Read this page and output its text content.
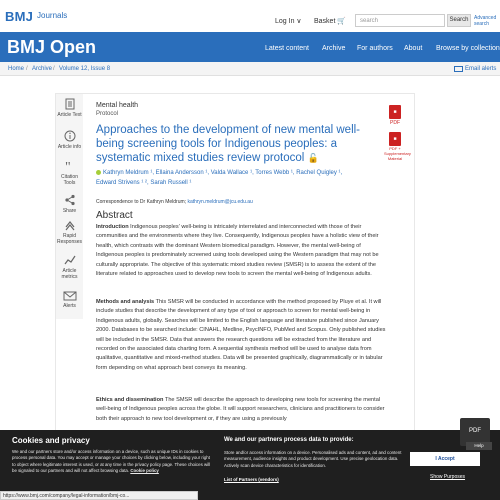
BMJ Journals
Log In ∨ Basket 🛒	search	Search	Advanced search
BMJ Open	Latest content Archive For authors About Browse by collection
Home / Archive / Volume 12, Issue 8	Email alerts
Article Text
Article info
"
Citation Tools
Share
Rapid Responses
Article metrics
Alerts
Mental health
Protocol
Approaches to the development of new mental well-being screening tools for Indigenous peoples: a systematic mixed studies review protocol 🔓
■
PDF
■
PDF + Supplementary Material
Kathryn Meldrum ¹, Ellaina Andersson ¹, Valda Wallace ¹, Torres Webb ¹, Rachel Quigley ¹,
Edward Strivens ¹ ², Sarah Russell ¹
Correspondence to Dr Kathryn Meldrum; kathryn.meldrum@jcu.edu.au
Abstract
Introduction Indigenous peoples' well-being is intricately interrelated and interconnected with those of their communities and the environments where they live. Consequently, Indigenous peoples have a holistic view of their health, which contrasts with the dominant Western biomedical paradigm. However, the mental well-being of Indigenous peoples is predominately screened using tools developed using the Western paradigm that may not be culturally appropriate. The objective of this systematic mixed studies review (SMSR) is to assess the extent of the literature related to approaches used to develop new tools to screen the mental well-being of Indigenous adults.
Methods and analysis This SMSR will be conducted in accordance with the method proposed by Pluye et al. It will include studies that describe the development of any type of tool or approach to screen for mental well-being in Indigenous adults, globally. Searches will be limited to the English language and literature published since January 2000. Databases to be searched include: CINAHL, Medline, PsycINFO, PubMed and Scopus. Only published studies will be included in the SMSR. Data that answers the research questions will be extracted from the literature and recorded on the associated data charting form. A sequential synthesis method will be used to analyse data from qualitative, quantitative and mixed-method studies. Data will be presented graphically, diagrammatically or in tabular form depending on what approach best conveys its meaning.
Ethics and dissemination The SMSR will describe the approach to developing new tools for screening the mental well-being of Indigenous peoples across the globe. It will support researchers, clinicians and practitioners to consider both their approach to new tool development or, if they are using a previously
Cookies and privacy
We and our partners store and/or access information on a device, such as unique IDs in cookies to process personal data. You may accept or manage your choices by clicking below, including your right to object where legitimate interest is used, or at any time in the privacy policy page. These choices will be signaled to our partners and will not affect browsing data. Cookie policy
We and our partners process data to provide:
Store and/or access information on a device. Personalised ads and content, ad and content measurement, audience insights and product development. Use precise geolocation data. Actively scan device characteristics for identification.
List of Partners (vendors)
I Accept
Show Purposes
PDF
Help
https://www.bmj.com/company/legal-information/bmj-co...
